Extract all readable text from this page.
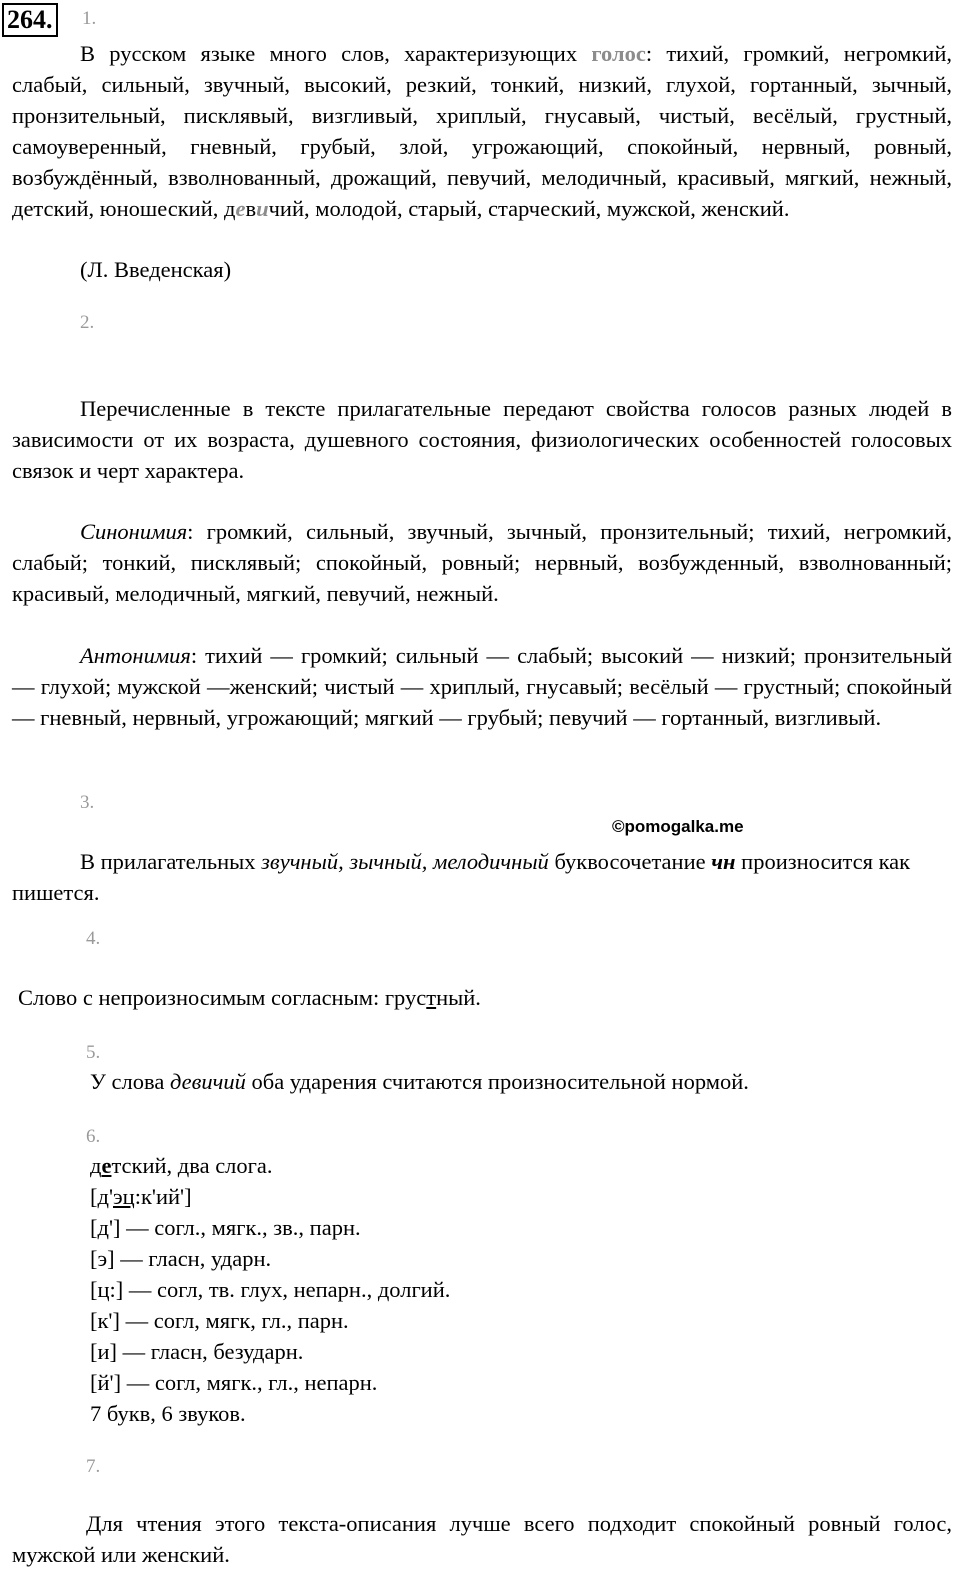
264. 1.

В русском языке много слов, характеризующих голос: тихий, громкий, негромкий, слабый, сильный, звучный, высокий, резкий, тонкий, низкий, глухой, гортанный, зычный, пронзительный, писклявый, визгливый, хриплый, гнусавый, чистый, весёлый, грустный, самоуверенный, гневный, грубый, злой, угрожающий, спокойный, нервный, ровный, возбуждённый, взволнованный, дрожащий, певучий, мелодичный, красивый, мягкий, нежный, детский, юношеский, девичий, молодой, старый, старческий, мужской, женский.

(Л. Введенская)
2.

Перечисленные в тексте прилагательные передают свойства голосов разных людей в зависимости от их возраста, душевного состояния, физиологических особенностей голосовых связок и черт характера.

Синонимия: громкий, сильный, звучный, зычный, пронзительный; тихий, негромкий, слабый; тонкий, писклявый; спокойный, ровный; нервный, возбужденный, взволнованный; красивый, мелодичный, мягкий, певучий, нежный.

Антонимия: тихий — громкий; сильный — слабый; высокий — низкий; пронзительный — глухой; мужской —женский; чистый — хриплый, гнусавый; весёлый — грустный; спокойный — гневный, нервный, угрожающий; мягкий — грубый; певучий — гортанный, визгливый.

3.
©pomogalka.me

В прилагательных звучный, зычный, мелодичный буквосочетание чн произносится как пишется.

4.
Слово с непроизносимым согласным: грустный.
5.
У слова девичий оба ударения считаются произносительной нормой.
6.
детский, два слога.
[д'эц:к'ий']
[д'] — согл., мягк., зв., парн.
[э] — гласн, ударн.
[ц:] — согл, тв. глух, непарн., долгий.
[к'] — согл, мягк, гл., парн.
[и] — гласн, безударн.
[й'] — согл, мягк., гл., непарн.
7 букв, 6 звуков.
7.

Для чтения этого текста-описания лучше всего подходит спокойный ровный голос, мужской или женский.
